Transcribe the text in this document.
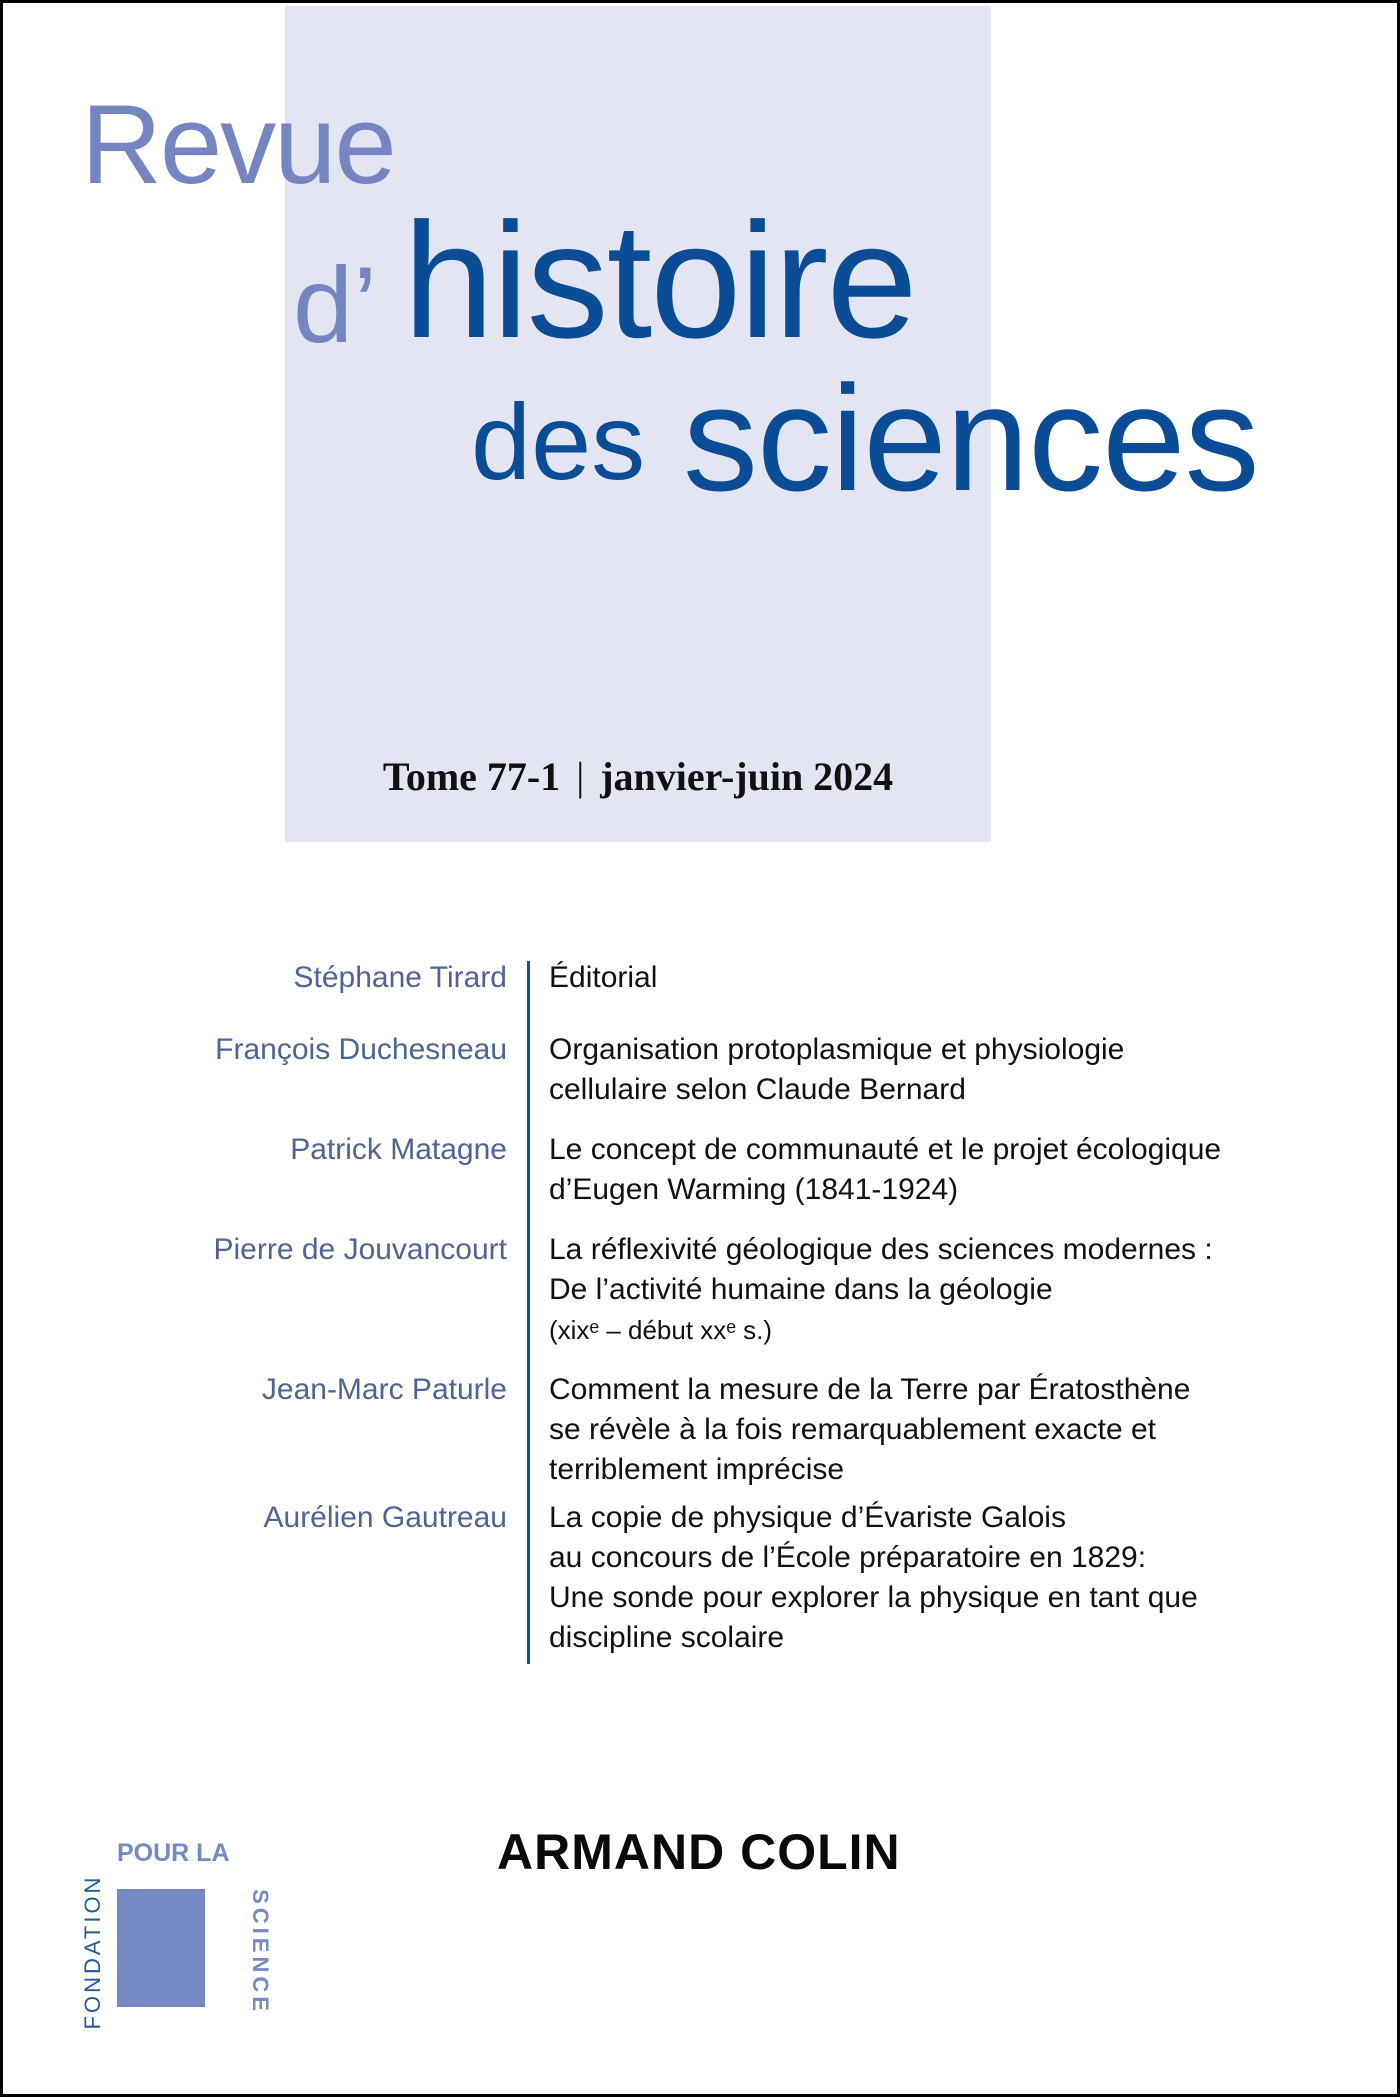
Revue
d’ histoire
des sciences
Tome 77-1 | janvier-juin 2024
Stéphane Tirard Éditorial
François Duchesneau Organisation protoplasmique et physiologie
cellulaire selon Claude Bernard
Patrick Matagne Le concept de communauté et le projet écologique
d’Eugen Warming (1841-1924)
Pierre de Jouvancourt La réflexivité géologique des sciences modernes :
De l’activité humaine dans la géologie
(xixᵉ – début xxᵉ s.)
Jean-Marc Paturle Comment la mesure de la Terre par Ératosthène
se révèle à la fois remarquablement exacte et
terriblement imprécise
Aurélien Gautreau La copie de physique d’Évariste Galois
au concours de l’École préparatoire en 1829:
Une sonde pour explorer la physique en tant que
discipline scolaire
POUR LA
FONDATION	SCIENCE
ARMAND COLIN
